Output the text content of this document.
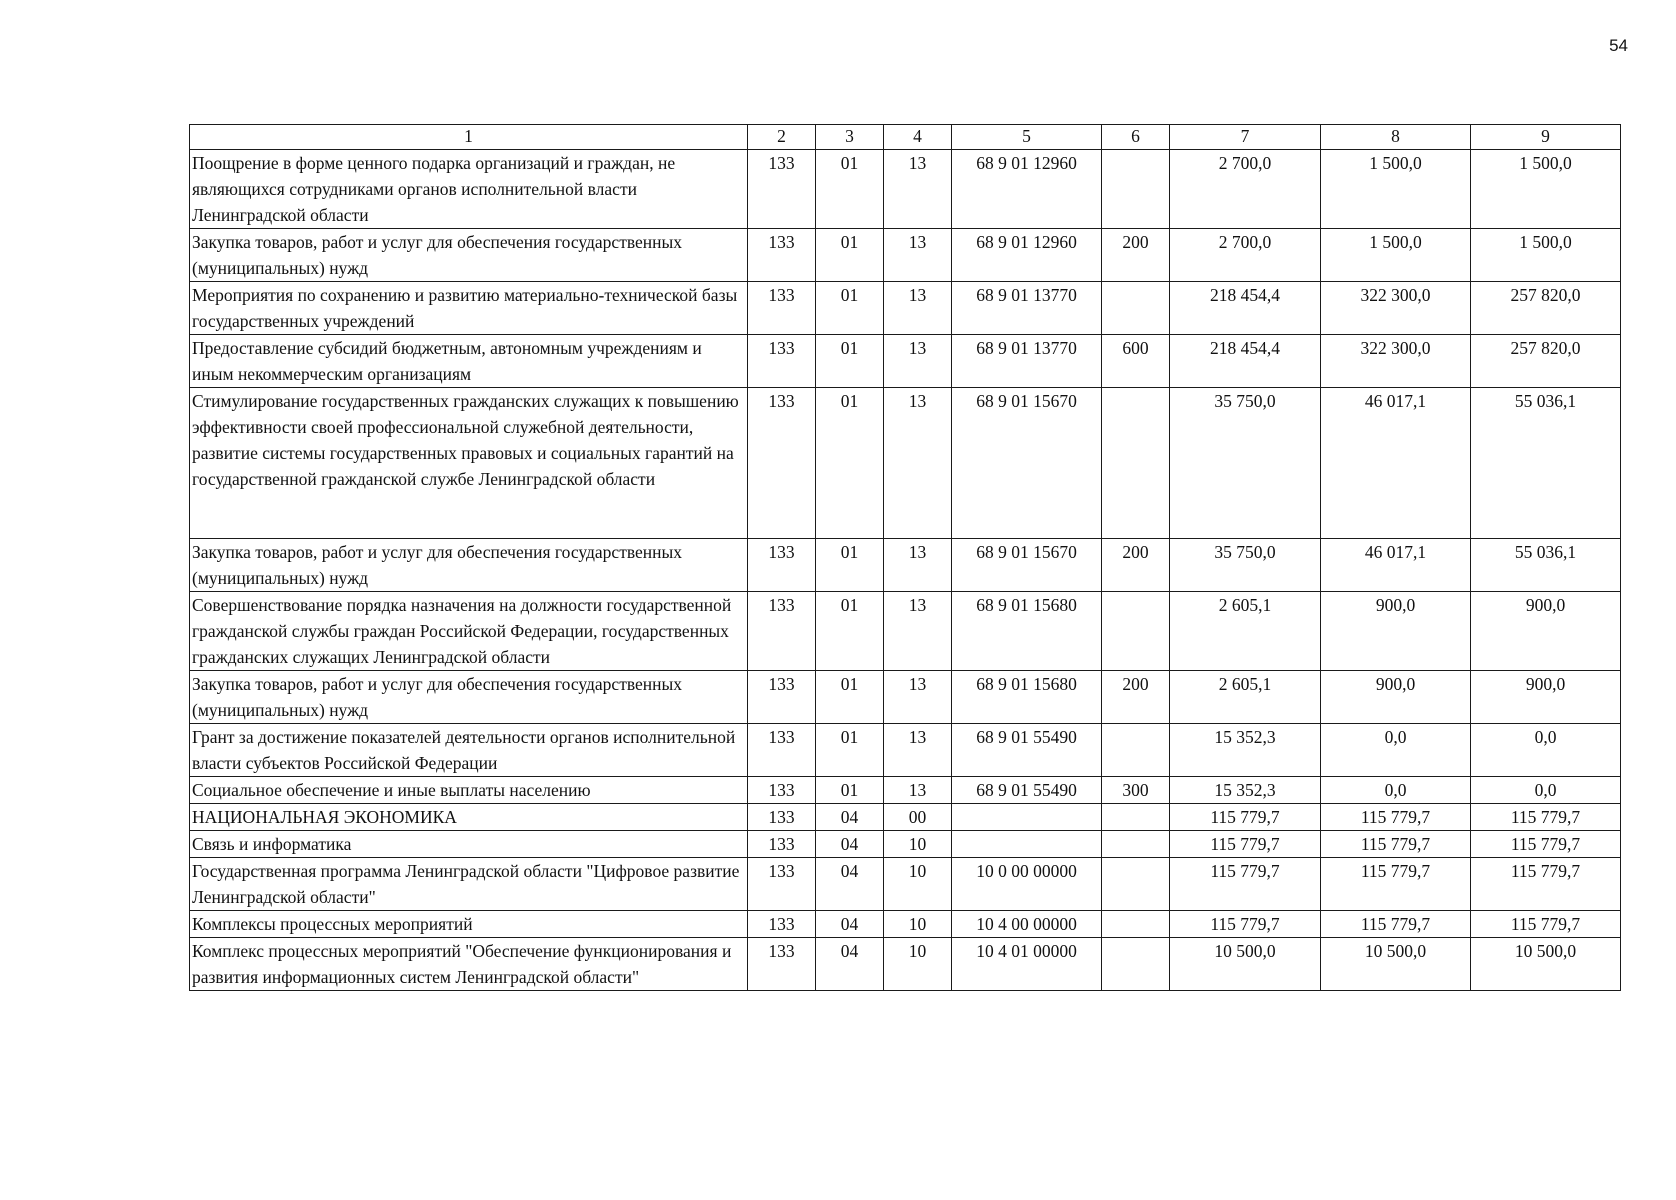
54
1	2	3	4	5	6	7	8	9
Поощрение в форме ценного подарка организаций и граждан, не являющихся сотрудниками органов исполнительной власти Ленинградской области	133	01	13	68 9 01 12960		2 700,0	1 500,0	1 500,0
Закупка товаров, работ и услуг для обеспечения государственных (муниципальных) нужд	133	01	13	68 9 01 12960	200	2 700,0	1 500,0	1 500,0
Мероприятия по сохранению и развитию материально-технической базы государственных учреждений	133	01	13	68 9 01 13770		218 454,4	322 300,0	257 820,0
Предоставление субсидий бюджетным, автономным учреждениям и иным некоммерческим организациям	133	01	13	68 9 01 13770	600	218 454,4	322 300,0	257 820,0
Стимулирование государственных гражданских служащих к повышению эффективности своей профессиональной служебной деятельности, развитие системы государственных правовых и социальных гарантий на государственной гражданской службе Ленинградской области	133	01	13	68 9 01 15670		35 750,0	46 017,1	55 036,1
Закупка товаров, работ и услуг для обеспечения государственных (муниципальных) нужд	133	01	13	68 9 01 15670	200	35 750,0	46 017,1	55 036,1
Совершенствование порядка назначения на должности государственной гражданской службы граждан Российской Федерации, государственных гражданских служащих Ленинградской области	133	01	13	68 9 01 15680		2 605,1	900,0	900,0
Закупка товаров, работ и услуг для обеспечения государственных (муниципальных) нужд	133	01	13	68 9 01 15680	200	2 605,1	900,0	900,0
Грант за достижение показателей деятельности органов исполнительной власти субъектов Российской Федерации	133	01	13	68 9 01 55490		15 352,3	0,0	0,0
Социальное обеспечение и иные выплаты населению	133	01	13	68 9 01 55490	300	15 352,3	0,0	0,0
НАЦИОНАЛЬНАЯ ЭКОНОМИКА	133	04	00			115 779,7	115 779,7	115 779,7
Связь и информатика	133	04	10			115 779,7	115 779,7	115 779,7
Государственная программа Ленинградской области "Цифровое развитие Ленинградской области"	133	04	10	10 0 00 00000		115 779,7	115 779,7	115 779,7
Комплексы процессных мероприятий	133	04	10	10 4 00 00000		115 779,7	115 779,7	115 779,7
Комплекс процессных мероприятий "Обеспечение функционирования и развития информационных систем Ленинградской области"	133	04	10	10 4 01 00000		10 500,0	10 500,0	10 500,0
